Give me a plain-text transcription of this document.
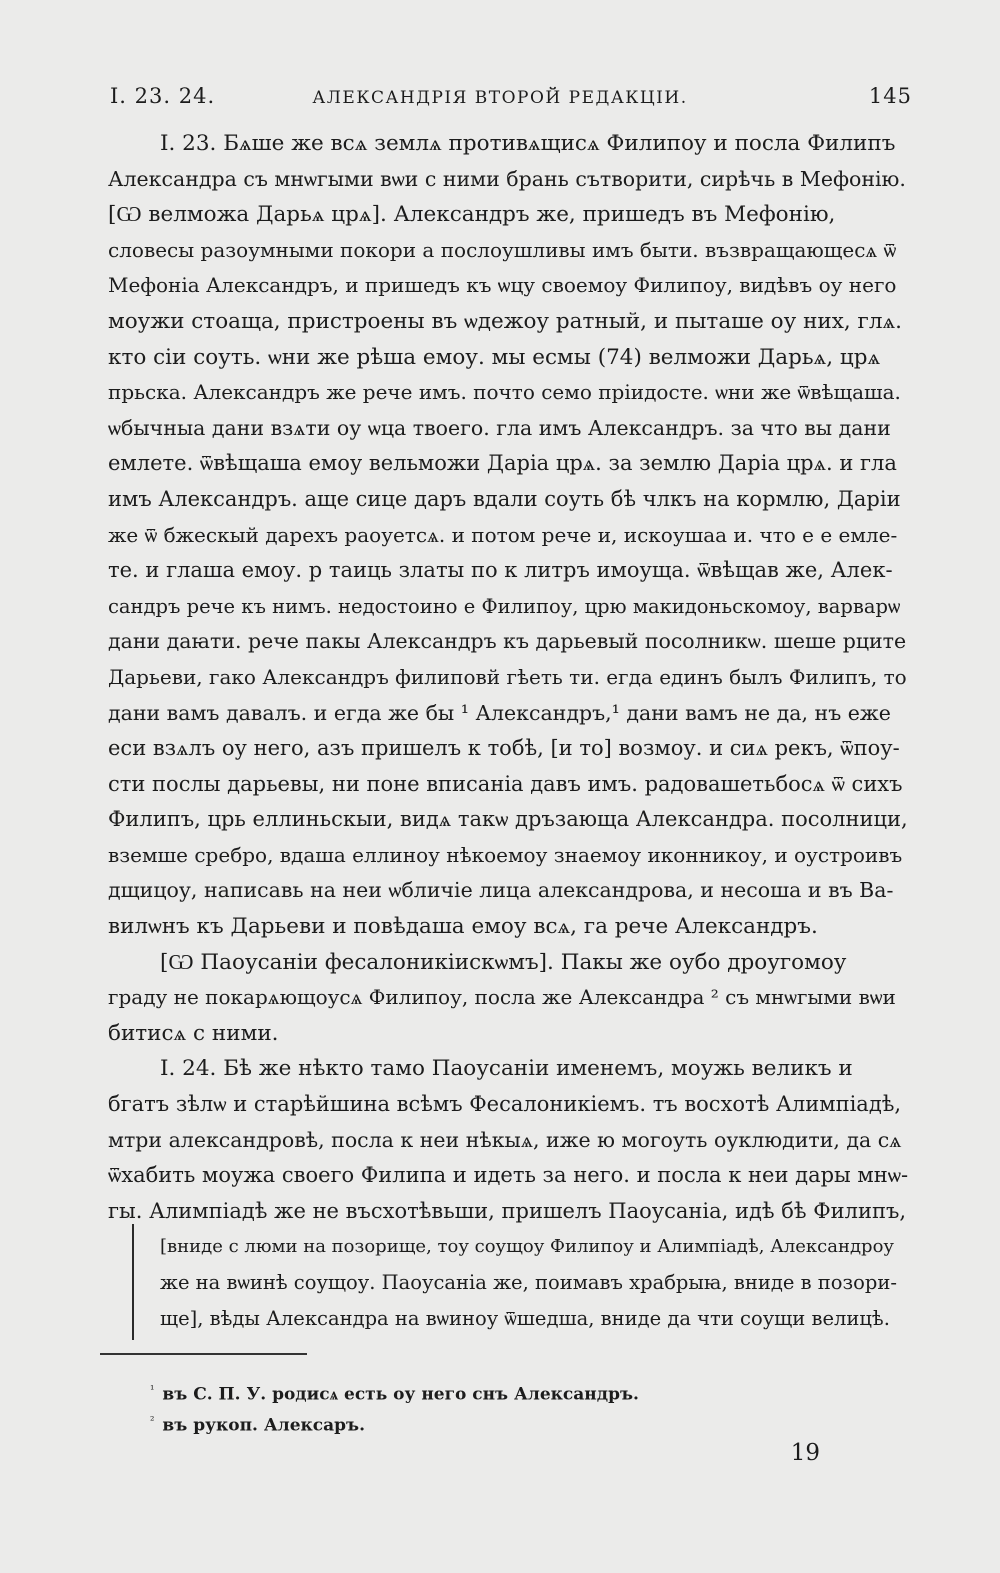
I. 23. 24.	АЛЕКСАНДРІЯ ВТОРОЙ РЕДАКЦІИ.	145

I. 23. Бѧше же всѧ землѧ противѧщисѧ Филипоу и посла Филипъ

Александра съ мнѡгыми вѡи с ними брань сътворити, сирѣчь в Мефонію.

[Ѡ велможа Дарьѧ црѧ]. Александръ же, пришедъ въ Мефонію,

словесы разоумными покори а послоушливы имъ быти. възвращающесѧ ѿ

Мефоніа Александръ, и пришедъ къ ѡцу своемоу Филипоу, видѣвъ оу него

моужи стоаща, пристроены въ ѡдежоу ратный, и пыташе оу них, глѧ.

кто сіи соуть. ѡни же рѣша емоу. мы есмы (74) велможи Дарьѧ, црѧ

прьска. Александръ же рече имъ. почто семо пріидосте. ѡни же ѿвѣщаша.

ѡбычныа дани взѧти оу ѡца твоего. гла имъ Александръ. за что вы дани

емлете. ѿвѣщаша емоу вельможи Даріа црѧ. за землю Даріа црѧ. и гла

имъ Александръ. аще сице даръ вдали соуть бѣ члкъ на кормлю, Даріи

же ѿ бжескый дарехъ раоуетсѧ. и потом рече и, искоушаа и. что е е емле-

те. и глаша емоу. р таиць златы по к литръ имоуща. ѿвѣщав же, Алек-

сандръ рече къ нимъ. недостоино е Филипоу, црю макидоньскомоу, варварѡ

дани даꙗти. рече пакы Александръ къ дарьевый посолникѡ. шеше рците

Дарьеви, гако Александръ филиповй гѣеть ти. егда единъ былъ Филипъ, то

дани вамъ давалъ. и егда же бы ¹ Александръ,¹ дани вамъ не да, нъ еже

еси взѧлъ оу него, азъ пришелъ к тобѣ, [и то] возмоу. и сиѧ рекъ, ѿпоу-

сти послы дарьевы, ни поне вписаніа давъ имъ. радовашетьбосѧ ѿ сихъ

Филипъ, црь еллиньскыи, видѧ такѡ дръзающа Александра. посолници,

вземше сребро, вдаша еллиноу нѣкоемоу знаемоу иконникоу, и оустроивъ

дщицоу, написавь на неи ѡбличіе лица александрова, и несоша и въ Ва-

вилѡнъ къ Дарьеви и повѣдаша емоу всѧ, га рече Александръ.

[Ѡ Паоусаніи фесалоникіискѡмъ]. Пакы же оубо дроугомоу

граду не покарѧющоусѧ Филипоу, посла же Александра ² съ мнѡгыми вѡи

битисѧ с ними.

I. 24. Бѣ же нѣкто тамо Паоусаніи именемъ, моужь великъ и

бгатъ зѣлѡ и старѣйшина всѣмъ Фесалоникіемъ. тъ восхотѣ Алимпіадѣ,

мтри александровѣ, посла к неи нѣкыѧ, иже ю могоуть оуклюдити, да сѧ

ѿхабить моужа своего Филипа и идеть за него. и посла к неи дары мнѡ-

гы. Алимпіадѣ же не въсхотѣвьши, пришелъ Паоусаніа, идѣ бѣ Филипъ,

[вниде с люми на позорище, тоу соущоу Филипоу и Алимпіадѣ, Александроу

же на вѡинѣ соущоу. Паоусаніа же, поимавъ храбрыꙗ, вниде в позори-

ще], вѣды Александра на вѡиноу ѿшедша, вниде да чти соущи велицѣ.

$^{^1}$ въ С. П. У. родисѧ есть оу него снъ Александръ.
$^{^2}$ въ рукоп. Алексаръ.
19
